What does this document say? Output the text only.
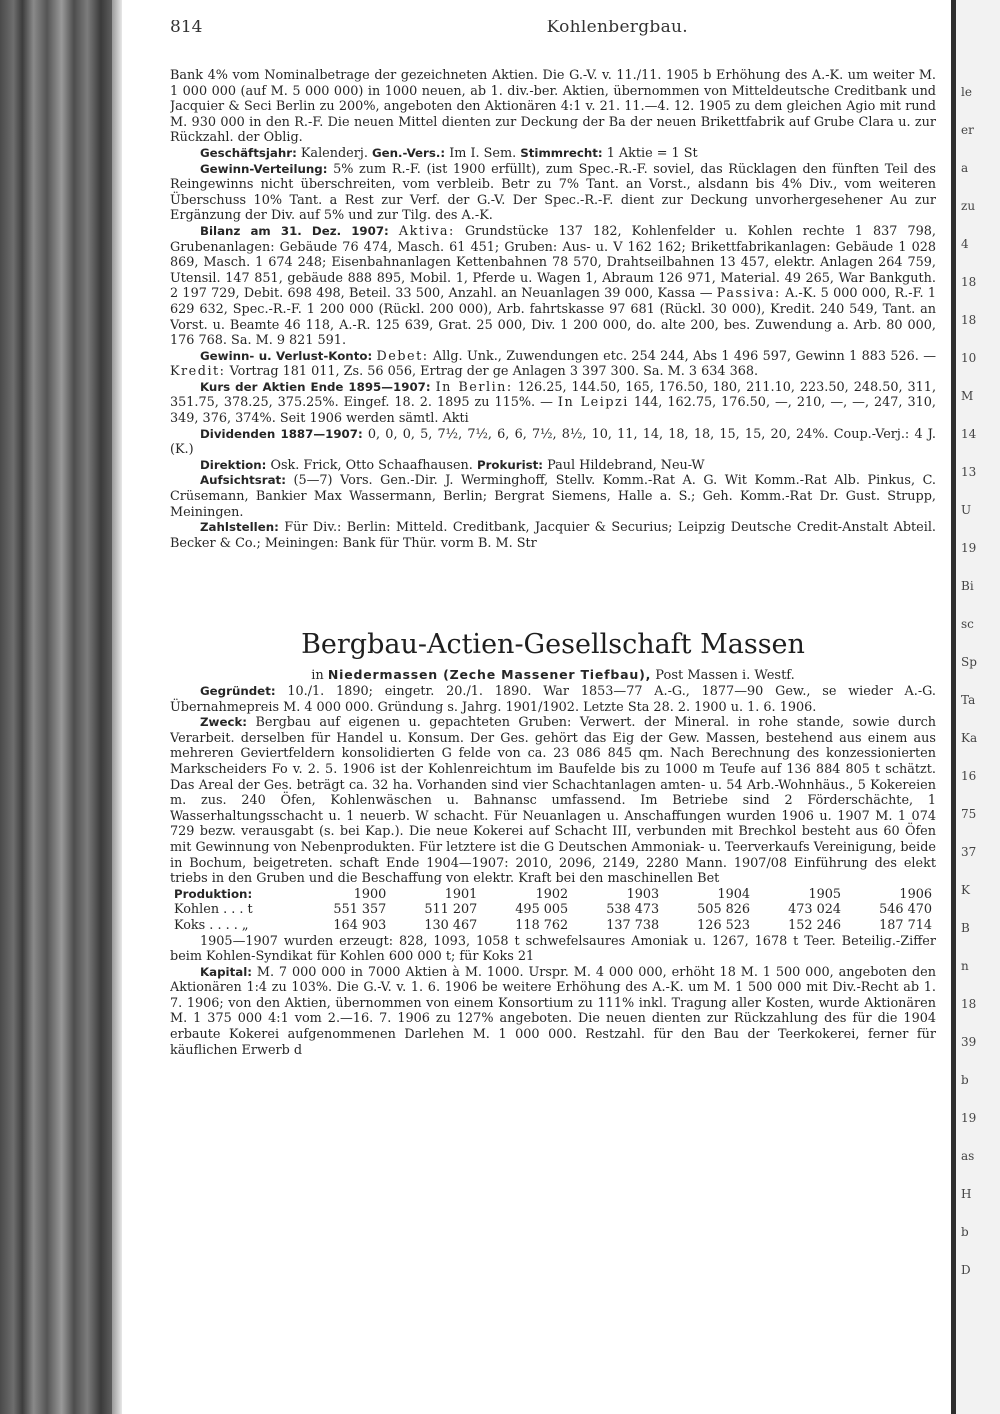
le
er
a
zu
4
18
18
10
M
14
13
U
19
Bi
sc
Sp
Ta
Ka
16
75
37
K
B
n
18
39
b
19
as
H
b
D
814	Kohlenbergbau.

Bank 4% vom Nominalbetrage der gezeichneten Aktien. Die G.-V. v. 11./11. 1905 b Erhöhung des A.-K. um weiter M. 1 000 000 (auf M. 5 000 000) in 1000 neuen, ab 1. div.-ber. Aktien, übernommen von Mitteldeutsche Creditbank und Jacquier & Seci Berlin zu 200%, angeboten den Aktionären 4:1 v. 21. 11.—4. 12. 1905 zu dem gleichen Agio mit rund M. 930 000 in den R.-F. Die neuen Mittel dienten zur Deckung der Ba der neuen Brikettfabrik auf Grube Clara u. zur Rückzahl. der Oblig.

Geschäftsjahr: Kalenderj. Gen.-Vers.: Im I. Sem. Stimmrecht: 1 Aktie = 1 St

Gewinn-Verteilung: 5% zum R.-F. (ist 1900 erfüllt), zum Spec.-R.-F. soviel, das Rücklagen den fünften Teil des Reingewinns nicht überschreiten, vom verbleib. Betr zu 7% Tant. an Vorst., alsdann bis 4% Div., vom weiteren Überschuss 10% Tant. a Rest zur Verf. der G.-V. Der Spec.-R.-F. dient zur Deckung unvorhergesehener Au zur Ergänzung der Div. auf 5% und zur Tilg. des A.-K.

Bilanz am 31. Dez. 1907: Aktiva: Grundstücke 137 182, Kohlenfelder u. Kohlen rechte 1 837 798, Grubenanlagen: Gebäude 76 474, Masch. 61 451; Gruben: Aus- u. V 162 162; Brikettfabrikanlagen: Gebäude 1 028 869, Masch. 1 674 248; Eisenbahnanlagen Kettenbahnen 78 570, Drahtseilbahnen 13 457, elektr. Anlagen 264 759, Utensil. 147 851, gebäude 888 895, Mobil. 1, Pferde u. Wagen 1, Abraum 126 971, Material. 49 265, War Bankguth. 2 197 729, Debit. 698 498, Beteil. 33 500, Anzahl. an Neuanlagen 39 000, Kassa — Passiva: A.-K. 5 000 000, R.-F. 1 629 632, Spec.-R.-F. 1 200 000 (Rückl. 200 000), Arb. fahrtskasse 97 681 (Rückl. 30 000), Kredit. 240 549, Tant. an Vorst. u. Beamte 46 118, A.-R. 125 639, Grat. 25 000, Div. 1 200 000, do. alte 200, bes. Zuwendung a. Arb. 80 000, 176 768. Sa. M. 9 821 591.

Gewinn- u. Verlust-Konto: Debet: Allg. Unk., Zuwendungen etc. 254 244, Abs 1 496 597, Gewinn 1 883 526. — Kredit: Vortrag 181 011, Zs. 56 056, Ertrag der ge Anlagen 3 397 300. Sa. M. 3 634 368.

Kurs der Aktien Ende 1895—1907: In Berlin: 126.25, 144.50, 165, 176.50, 180, 211.10, 223.50, 248.50, 311, 351.75, 378.25, 375.25%. Eingef. 18. 2. 1895 zu 115%. — In Leipzi 144, 162.75, 176.50, —, 210, —, —, 247, 310, 349, 376, 374%. Seit 1906 werden sämtl. Akti

Dividenden 1887—1907: 0, 0, 0, 5, 7½, 7½, 6, 6, 7½, 8½, 10, 11, 14, 18, 18, 15, 15, 20, 24%. Coup.-Verj.: 4 J. (K.)

Direktion: Osk. Frick, Otto Schaafhausen. Prokurist: Paul Hildebrand, Neu-W

Aufsichtsrat: (5—7) Vors. Gen.-Dir. J. Werminghoff, Stellv. Komm.-Rat A. G. Wit Komm.-Rat Alb. Pinkus, C. Crüsemann, Bankier Max Wassermann, Berlin; Bergrat Siemens, Halle a. S.; Geh. Komm.-Rat Dr. Gust. Strupp, Meiningen.

Zahlstellen: Für Div.: Berlin: Mitteld. Creditbank, Jacquier & Securius; Leipzig Deutsche Credit-Anstalt Abteil. Becker & Co.; Meiningen: Bank für Thür. vorm B. M. Str

Bergbau-Actien-Gesellschaft Massen

in Niedermassen (Zeche Massener Tiefbau), Post Massen i. Westf.

Gegründet: 10./1. 1890; eingetr. 20./1. 1890. War 1853—77 A.-G., 1877—90 Gew., se wieder A.-G. Übernahmepreis M. 4 000 000. Gründung s. Jahrg. 1901/1902. Letzte Sta 28. 2. 1900 u. 1. 6. 1906.

Zweck: Bergbau auf eigenen u. gepachteten Gruben: Verwert. der Mineral. in rohe stande, sowie durch Verarbeit. derselben für Handel u. Konsum. Der Ges. gehört das Eig der Gew. Massen, bestehend aus einem aus mehreren Geviertfeldern konsolidierten G felde von ca. 23 086 845 qm. Nach Berechnung des konzessionierten Markscheiders Fo v. 2. 5. 1906 ist der Kohlenreichtum im Baufelde bis zu 1000 m Teufe auf 136 884 805 t schätzt. Das Areal der Ges. beträgt ca. 32 ha. Vorhanden sind vier Schachtanlagen amten- u. 54 Arb.-Wohnhäus., 5 Kokereien m. zus. 240 Öfen, Kohlenwäschen u. Bahnansc umfassend. Im Betriebe sind 2 Förderschächte, 1 Wasserhaltungsschacht u. 1 neuerb. W schacht. Für Neuanlagen u. Anschaffungen wurden 1906 u. 1907 M. 1 074 729 bezw. verausgabt (s. bei Kap.). Die neue Kokerei auf Schacht III, verbunden mit Brechkol besteht aus 60 Öfen mit Gewinnung von Nebenprodukten. Für letztere ist die G Deutschen Ammoniak- u. Teerverkaufs Vereinigung, beide in Bochum, beigetreten. schaft Ende 1904—1907: 2010, 2096, 2149, 2280 Mann. 1907/08 Einführung des elekt triebs in den Gruben und die Beschaffung von elektr. Kraft bei den maschinellen Bet

Produktion:	1900	1901	1902	1903	1904	1905	1906
Kohlen . . . t	551 357	511 207	495 005	538 473	505 826	473 024	546 470
Koks . . . . „	164 903	130 467	118 762	137 738	126 523	152 246	187 714

1905—1907 wurden erzeugt: 828, 1093, 1058 t schwefelsaures Amoniak u. 1267, 1678 t Teer. Beteilig.-Ziffer beim Kohlen-Syndikat für Kohlen 600 000 t; für Koks 21

Kapital: M. 7 000 000 in 7000 Aktien à M. 1000. Urspr. M. 4 000 000, erhöht 18 M. 1 500 000, angeboten den Aktionären 1:4 zu 103%. Die G.-V. v. 1. 6. 1906 be weitere Erhöhung des A.-K. um M. 1 500 000 mit Div.-Recht ab 1. 7. 1906; von den Aktien, übernommen von einem Konsortium zu 111% inkl. Tragung aller Kosten, wurde Aktionären M. 1 375 000 4:1 vom 2.—16. 7. 1906 zu 127% angeboten. Die neuen dienten zur Rückzahlung des für die 1904 erbaute Kokerei aufgenommenen Darlehen M. 1 000 000. Restzahl. für den Bau der Teerkokerei, ferner für käuflichen Erwerb d
